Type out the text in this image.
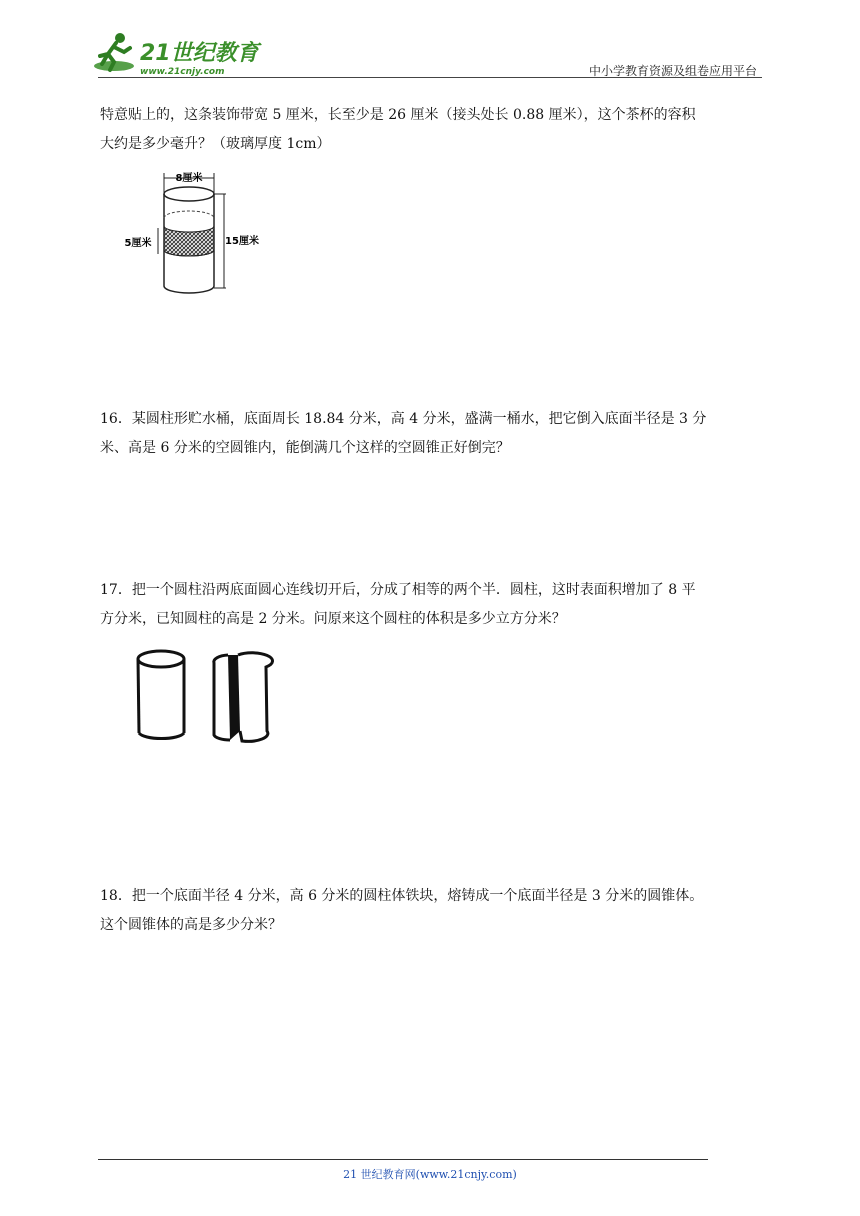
21世纪教育
www.21cnjy.com	中小学教育资源及组卷应用平台
特意贴上的，这条装饰带宽 5 厘米，长至少是 26 厘米（接头处长 0.88 厘米），这个茶杯的容积
大约是多少毫升？（玻璃厚度 1cm）
8厘米
5厘米	15厘米
16．某圆柱形贮水桶，底面周长 18.84 分米，高 4 分米，盛满一桶水，把它倒入底面半径是 3 分
米、高是 6 分米的空圆锥内，能倒满几个这样的空圆锥正好倒完？
17．把一个圆柱沿两底面圆心连线切开后，分成了相等的两个半．圆柱，这时表面积增加了 8 平
方分米，已知圆柱的高是 2 分米。问原来这个圆柱的体积是多少立方分米？
18．把一个底面半径 4 分米，高 6 分米的圆柱体铁块，熔铸成一个底面半径是 3 分米的圆锥体。
这个圆锥体的高是多少分米？
21 世纪教育网(www.21cnjy.com)
